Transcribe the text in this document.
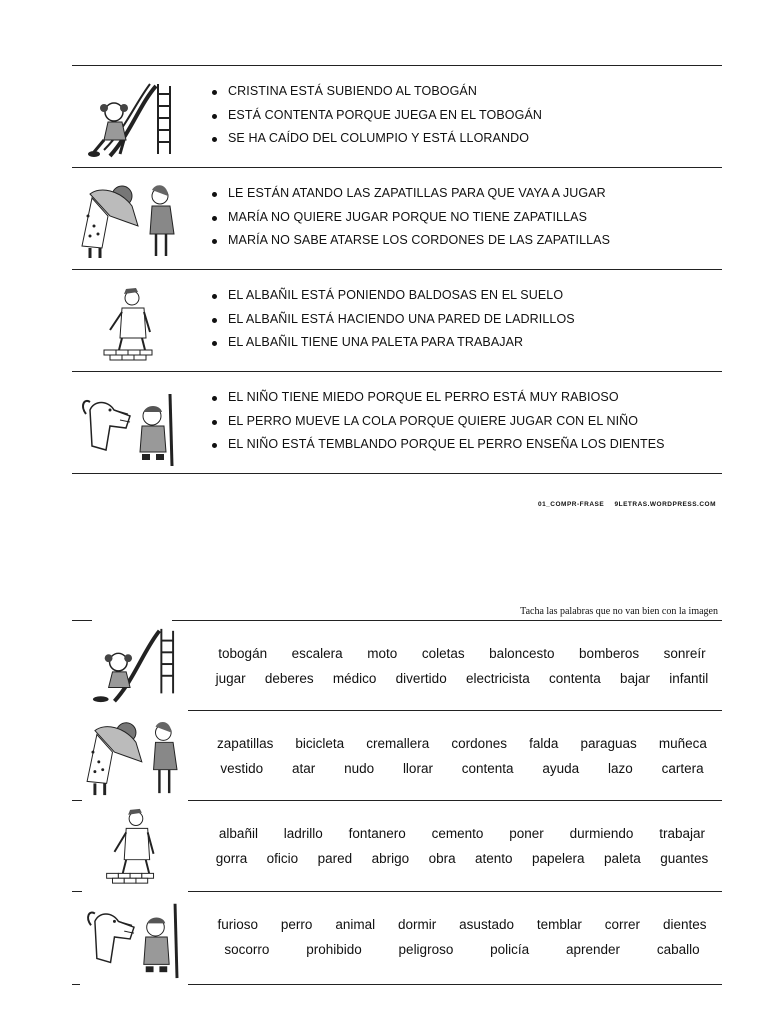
CRISTINA ESTÁ SUBIENDO AL TOBOGÁN
ESTÁ CONTENTA PORQUE JUEGA EN EL TOBOGÁN
SE HA CAÍDO DEL COLUMPIO Y ESTÁ LLORANDO
LE ESTÁN ATANDO LAS ZAPATILLAS PARA QUE VAYA A JUGAR
MARÍA NO QUIERE JUGAR PORQUE NO TIENE ZAPATILLAS
MARÍA NO SABE ATARSE LOS CORDONES DE LAS ZAPATILLAS
EL ALBAÑIL ESTÁ PONIENDO BALDOSAS EN EL SUELO
EL ALBAÑIL ESTÁ HACIENDO UNA PARED DE LADRILLOS
EL ALBAÑIL TIENE UNA PALETA PARA TRABAJAR
EL NIÑO TIENE MIEDO PORQUE EL PERRO ESTÁ MUY RABIOSO
EL PERRO MUEVE LA COLA PORQUE QUIERE JUGAR CON EL NIÑO
EL NIÑO ESTÁ TEMBLANDO PORQUE EL PERRO ENSEÑA LOS DIENTES
01_COMPR-FRASE 9LETRAS.WORDPRESS.COM
Tacha las palabras que no van bien con la imagen
tobogán escalera moto coletas baloncesto bomberos sonreír
jugar deberes médico divertido electricista contenta bajar infantil
zapatillas bicicleta cremallera cordones falda paraguas muñeca
vestido atar nudo llorar contenta ayuda lazo cartera
albañil ladrillo fontanero cemento poner durmiendo trabajar
gorra oficio pared abrigo obra atento papelera paleta guantes
furioso perro animal dormir asustado temblar correr dientes
socorro	prohibido	peligroso	policía	aprender	caballo
